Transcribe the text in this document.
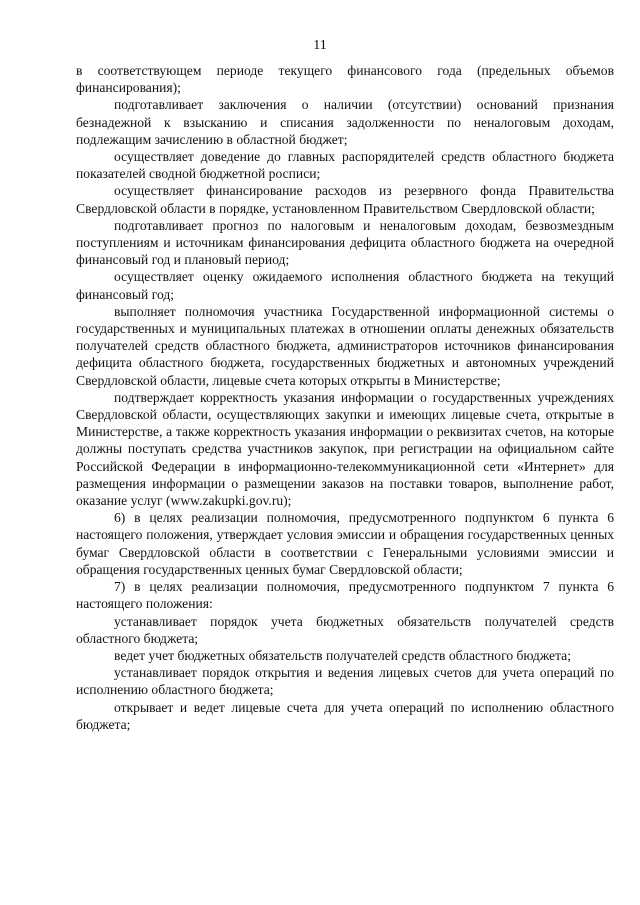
11

в соответствующем периоде текущего финансового года (предельных объемов финансирования);

подготавливает заключения о наличии (отсутствии) оснований признания безнадежной к взысканию и списания задолженности по неналоговым доходам, подлежащим зачислению в областной бюджет;

осуществляет доведение до главных распорядителей средств областного бюджета показателей сводной бюджетной росписи;

осуществляет финансирование расходов из резервного фонда Правительства Свердловской области в порядке, установленном Правительством Свердловской области;

подготавливает прогноз по налоговым и неналоговым доходам, безвозмездным поступлениям и источникам финансирования дефицита областного бюджета на очередной финансовый год и плановый период;

осуществляет оценку ожидаемого исполнения областного бюджета на текущий финансовый год;

выполняет полномочия участника Государственной информационной системы о государственных и муниципальных платежах в отношении оплаты денежных обязательств получателей средств областного бюджета, администраторов источников финансирования дефицита областного бюджета, государственных бюджетных и автономных учреждений Свердловской области, лицевые счета которых открыты в Министерстве;

подтверждает корректность указания информации о государственных учреждениях Свердловской области, осуществляющих закупки и имеющих лицевые счета, открытые в Министерстве, а также корректность указания информации о реквизитах счетов, на которые должны поступать средства участников закупок, при регистрации на официальном сайте Российской Федерации в информационно-телекоммуникационной сети «Интернет» для размещения информации о размещении заказов на поставки товаров, выполнение работ, оказание услуг (www.zakupki.gov.ru);

6) в целях реализации полномочия, предусмотренного подпунктом 6 пункта 6 настоящего положения, утверждает условия эмиссии и обращения государственных ценных бумаг Свердловской области в соответствии с Генеральными условиями эмиссии и обращения государственных ценных бумаг Свердловской области;

7) в целях реализации полномочия, предусмотренного подпунктом 7 пункта 6 настоящего положения:

устанавливает порядок учета бюджетных обязательств получателей средств областного бюджета;

ведет учет бюджетных обязательств получателей средств областного бюджета;

устанавливает порядок открытия и ведения лицевых счетов для учета операций по исполнению областного бюджета;

открывает и ведет лицевые счета для учета операций по исполнению областного бюджета;
